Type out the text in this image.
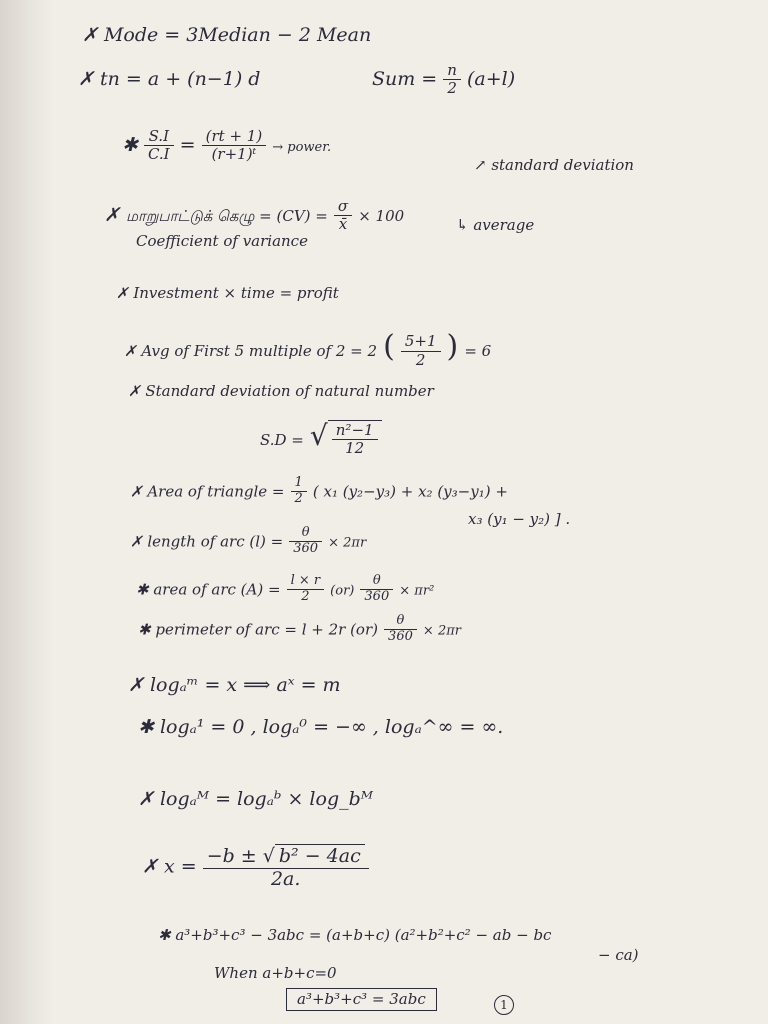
✗ Mode = 3Median − 2 Mean
✗ tn = a + (n−1) d	Sum = $\frac{n}{2} (a+l)$
✱ $\frac{S.I}{C.I} = \frac{(rt + 1)}{\text{(r+1)ᵗ}}$ → power.
↗ standard deviation
✗ மாறுபாட்டுக் கெழு = $(CV) = \frac{\sigma}{x̄} \times 100$
↳ average
Coefficient of variance
✗ Investment × time = profit
✗ Avg of First 5 multiple of 2 = 2 ( $\frac{5+1}{2}$ ) = 6
✗ Standard deviation of natural number
S.D = √ $\frac{\text{n²−1}}{12}$
✗ Area of triangle = $\frac{1}{2}$ ( x₁ (y₂−y₃) + x₂ (y₃−y₁) +
x₃ (y₁ − y₂) ] .
✗ length of arc $(l) = \frac{\theta}{360} \times 2\pi r$
✱ area of arc $(A) = \frac{l \times r}{2} (or) \frac{\theta}{360} \times \pi r^2$
✱ perimeter of arc = l + 2r $(or) \frac{\theta}{360} \times 2\pi r$
✗ logₐᵐ = x ⟹ aˣ = m
✱ logₐ¹ = 0 , logₐ⁰ = −∞ , logₐ^∞ = ∞.
✗ logₐᴹ = logₐᵇ × log_bᴹ
✗ $x = \frac{\text{−b ± √ b² − 4ac}}{2a.}$
✱ a³+b³+c³ − 3abc = (a+b+c) (a²+b²+c² − ab − bc
− ca)
When a+b+c=0
a³+b³+c³ = 3abc	1
